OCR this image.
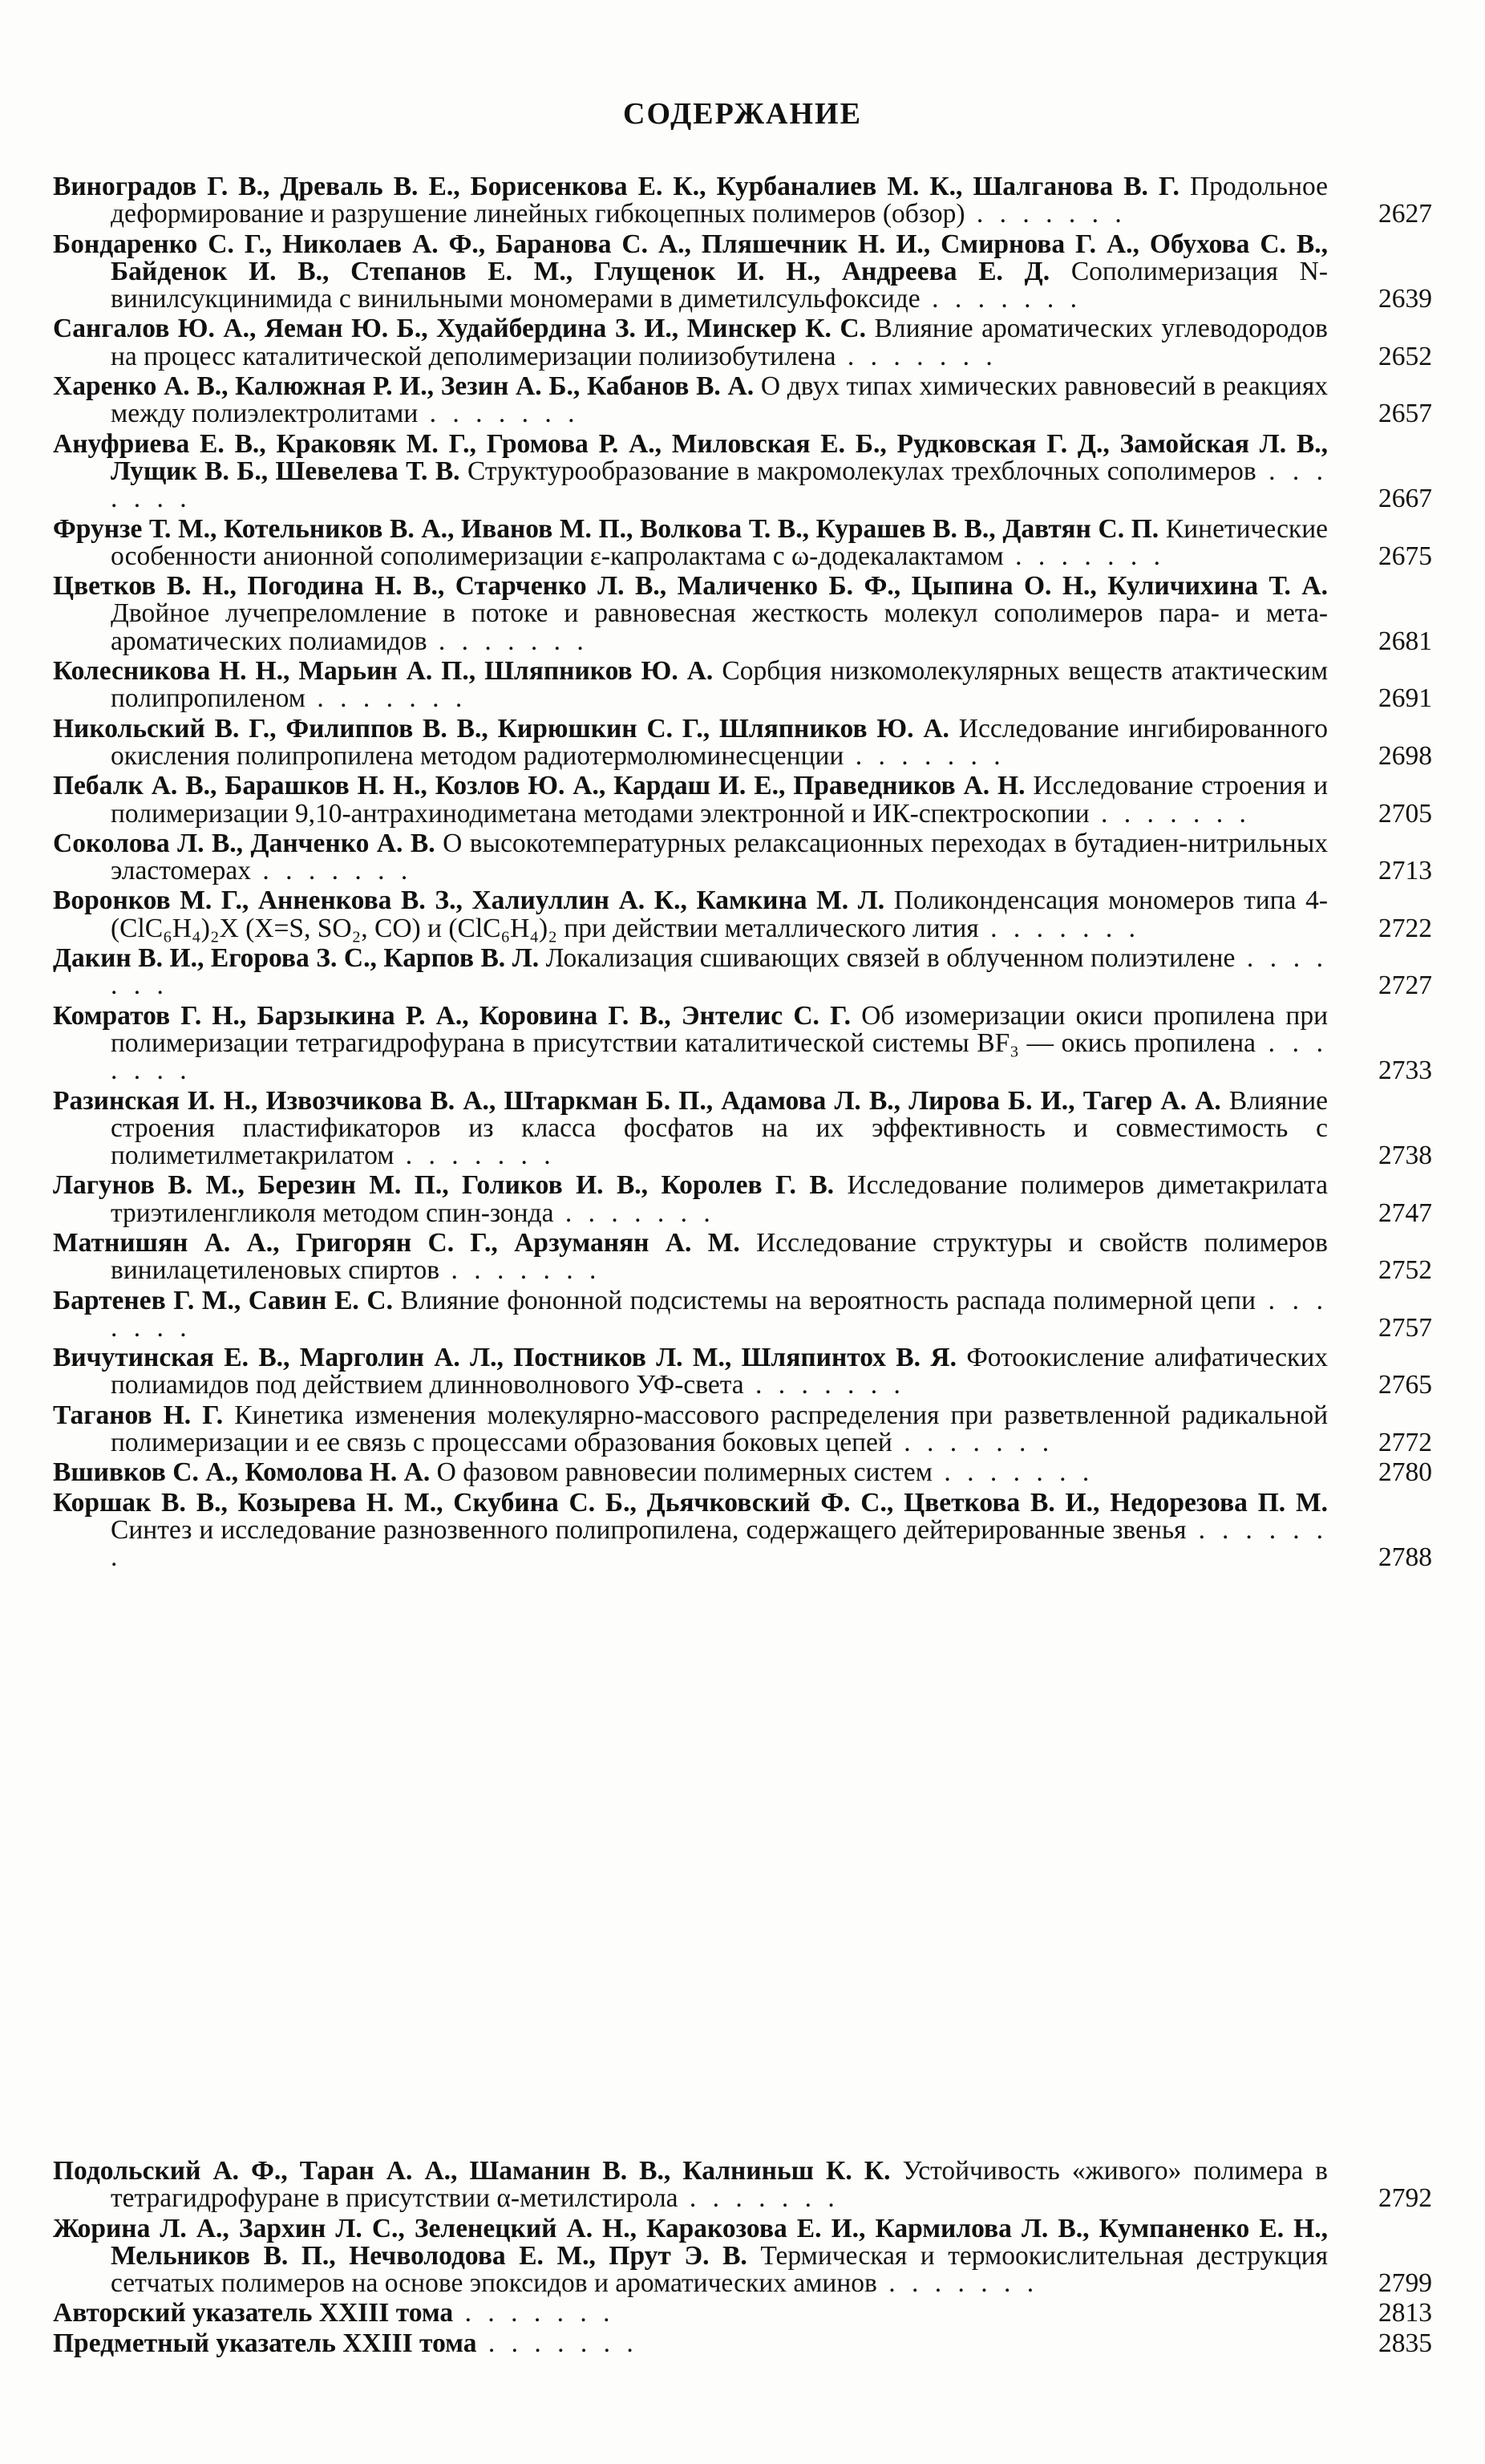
СОДЕРЖАНИЕ

Виноградов Г. В., Древаль В. Е., Борисенкова Е. К., Курбаналиев М. К., Шалганова В. Г. Продольное деформирование и разрушение линейных гибкоцепных полимеров (обзор) . . . . . . .	2627

Бондаренко С. Г., Николаев А. Ф., Баранова С. А., Пляшечник Н. И., Смирнова Г. А., Обухова С. В., Байденок И. В., Степанов Е. М., Глущенок И. Н., Андреева Е. Д. Сополимеризация N-винилсукцинимида с винильными мономерами в диметилсульфоксиде . . . . . . .	2639

Сангалов Ю. А., Яеман Ю. Б., Худайбердина З. И., Минскер К. С. Влияние ароматических углеводородов на процесс каталитической деполимеризации полиизобутилена . . . . . . .	2652

Харенко А. В., Калюжная Р. И., Зезин А. Б., Кабанов В. А. О двух типах химических равновесий в реакциях между полиэлектролитами . . . . . . .	2657

Ануфриева Е. В., Краковяк М. Г., Громова Р. А., Миловская Е. Б., Рудковская Г. Д., Замойская Л. В., Лущик В. Б., Шевелева Т. В. Структурообразование в макромолекулах трехблочных сополимеров . . . . . . .	2667

Фрунзе Т. М., Котельников В. А., Иванов М. П., Волкова Т. В., Курашев В. В., Давтян С. П. Кинетические особенности анионной сополимеризации ε-капролактама с ω-додекалактамом . . . . . . .	2675

Цветков В. Н., Погодина Н. В., Старченко Л. В., Маличенко Б. Ф., Цыпина О. Н., Куличихина Т. А. Двойное лучепреломление в потоке и равновесная жесткость молекул сополимеров пара- и мета-ароматических полиамидов . . . . . . .	2681

Колесникова Н. Н., Марьин А. П., Шляпников Ю. А. Сорбция низкомолекулярных веществ атактическим полипропиленом . . . . . . .	2691

Никольский В. Г., Филиппов В. В., Кирюшкин С. Г., Шляпников Ю. А. Исследование ингибированного окисления полипропилена методом радиотермолюминесценции . . . . . . .	2698

Пебалк А. В., Барашков Н. Н., Козлов Ю. А., Кардаш И. Е., Праведников А. Н. Исследование строения и полимеризации 9,10-антрахинодиметана методами электронной и ИК-спектроскопии . . . . . . .	2705

Соколова Л. В., Данченко А. В. О высокотемпературных релаксационных переходах в бутадиен-нитрильных эластомерах . . . . . . .	2713

Воронков М. Г., Анненкова В. З., Халиуллин А. К., Камкина М. Л. Поликонденсация мономеров типа 4-(ClC₆H₄)₂X (X=S, SO₂, CO) и (ClC₆H₄)₂ при действии металлического лития . . . . . . .	2722

Дакин В. И., Егорова З. С., Карпов В. Л. Локализация сшивающих связей в облученном полиэтилене . . . . . . .	2727

Комратов Г. Н., Барзыкина Р. А., Коровина Г. В., Энтелис С. Г. Об изомеризации окиси пропилена при полимеризации тетрагидрофурана в присутствии каталитической системы BF₃ — окись пропилена . . . . . . .	2733

Разинская И. Н., Извозчикова В. А., Штаркман Б. П., Адамова Л. В., Лирова Б. И., Тагер А. А. Влияние строения пластификаторов из класса фосфатов на их эффективность и совместимость с полиметилметакрилатом . . . . . . .	2738

Лагунов В. М., Березин М. П., Голиков И. В., Королев Г. В. Исследование полимеров диметакрилата триэтиленгликоля методом спин-зонда . . . . . . .	2747

Матнишян А. А., Григорян С. Г., Арзуманян А. М. Исследование структуры и свойств полимеров винилацетиленовых спиртов . . . . . . .	2752

Бартенев Г. М., Савин Е. С. Влияние фононной подсистемы на вероятность распада полимерной цепи . . . . . . .	2757

Вичутинская Е. В., Марголин А. Л., Постников Л. М., Шляпинтох В. Я. Фотоокисление алифатических полиамидов под действием длинноволнового УФ-света . . . . . . .	2765

Таганов Н. Г. Кинетика изменения молекулярно-массового распределения при разветвленной радикальной полимеризации и ее связь с процессами образования боковых цепей . . . . . . .	2772

Вшивков С. А., Комолова Н. А. О фазовом равновесии полимерных систем . . . . . . .	2780

Коршак В. В., Козырева Н. М., Скубина С. Б., Дьячковский Ф. С., Цветкова В. И., Недорезова П. М. Синтез и исследование разнозвенного полипропилена, содержащего дейтерированные звенья . . . . . . .	2788

Подольский А. Ф., Таран А. А., Шаманин В. В., Калниньш К. К. Устойчивость «живого» полимера в тетрагидрофуране в присутствии α-метилстирола . . . . . . .	2792

Жорина Л. А., Зархин Л. С., Зеленецкий А. Н., Каракозова Е. И., Кармилова Л. В., Кумпаненко Е. Н., Мельников В. П., Нечволодова Е. М., Прут Э. В. Термическая и термоокислительная деструкция сетчатых полимеров на основе эпоксидов и ароматических аминов . . . . . . .	2799

Авторский указатель XXIII тома . . . . . . .	2813

Предметный указатель XXIII тома . . . . . . .	2835
